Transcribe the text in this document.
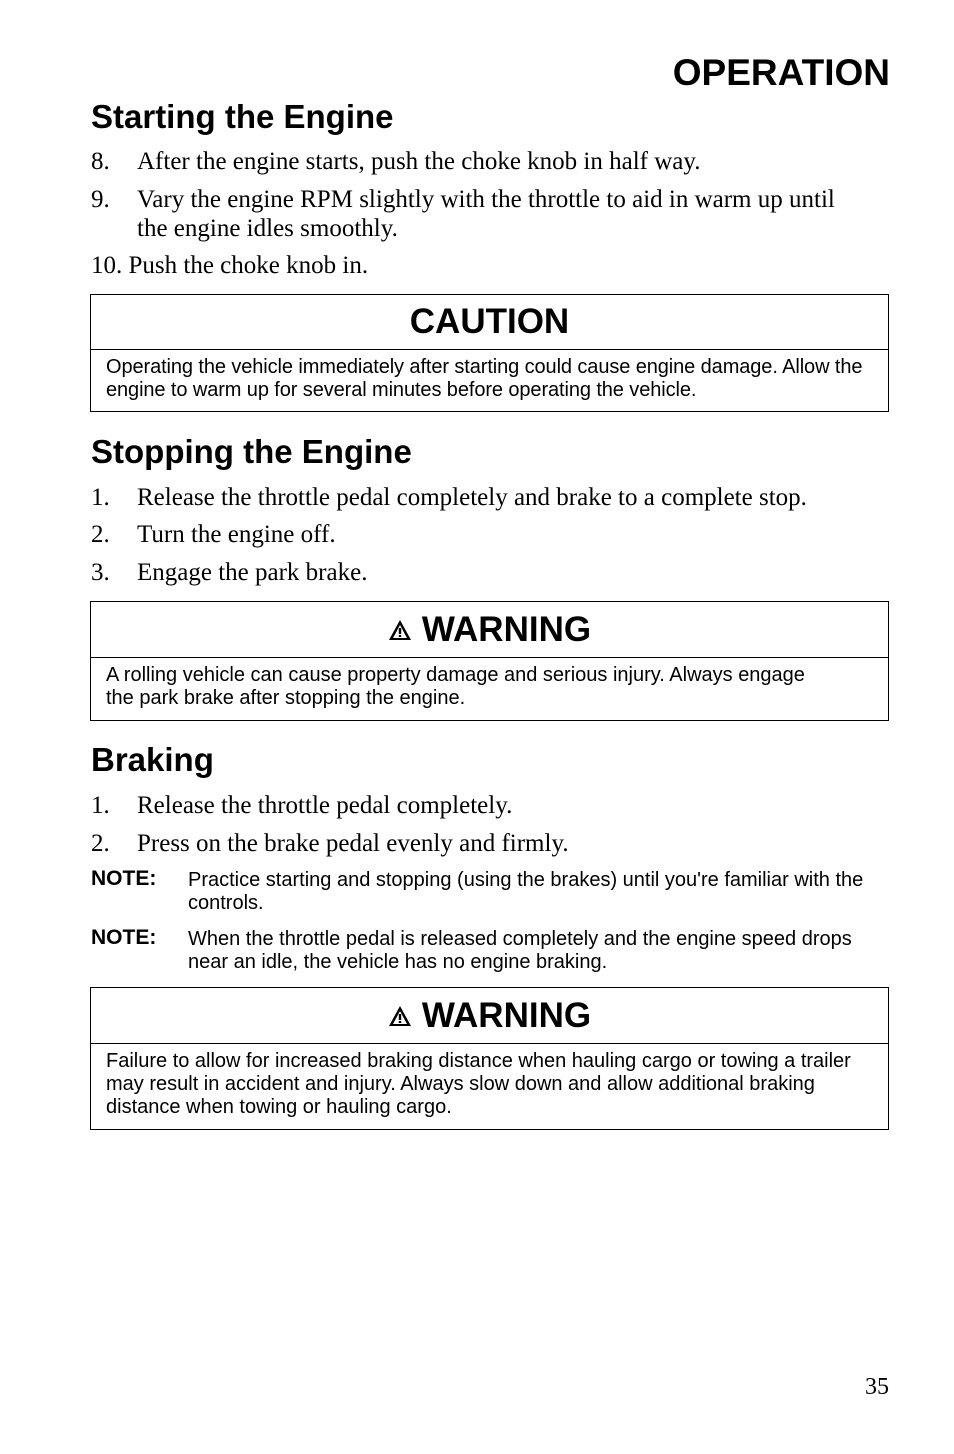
OPERATION
Starting the Engine
8. After the engine starts, push the choke knob in half way.
9. Vary the engine RPM slightly with the throttle to aid in warm up until the engine idles smoothly.
10. Push the choke knob in.
CAUTION
Operating the vehicle immediately after starting could cause engine damage. Allow the engine to warm up for several minutes before operating the vehicle.
Stopping the Engine
1. Release the throttle pedal completely and brake to a complete stop.
2. Turn the engine off.
3. Engage the park brake.
WARNING
A rolling vehicle can cause property damage and serious injury. Always engage the park brake after stopping the engine.
Braking
1. Release the throttle pedal completely.
2. Press on the brake pedal evenly and firmly.
NOTE: Practice starting and stopping (using the brakes) until you're familiar with the controls.
NOTE: When the throttle pedal is released completely and the engine speed drops near an idle, the vehicle has no engine braking.
WARNING
Failure to allow for increased braking distance when hauling cargo or towing a trailer may result in accident and injury. Always slow down and allow additional braking distance when towing or hauling cargo.
35
